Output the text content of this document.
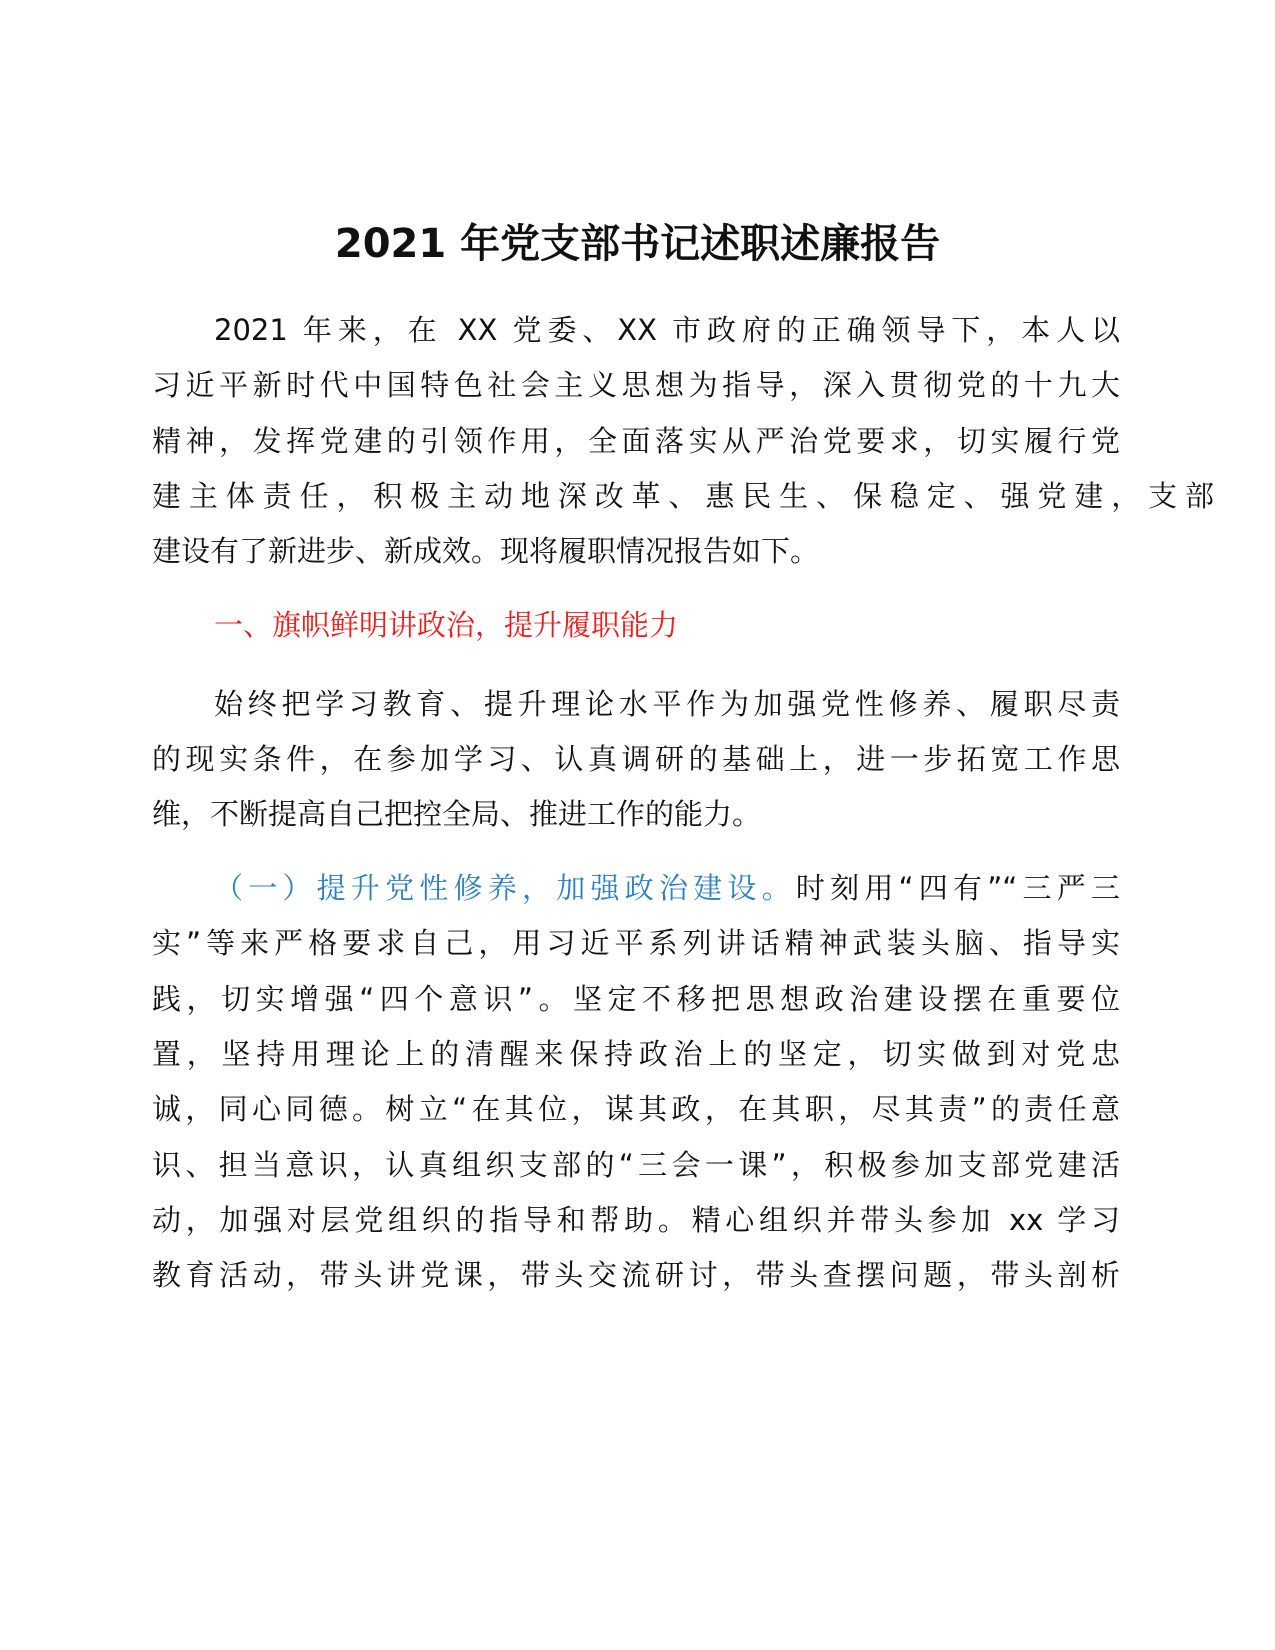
2021 年党支部书记述职述廉报告

2021 年来，在 XX 党委、XX 市政府的正确领导下，本人以

习近平新时代中国特色社会主义思想为指导，深入贯彻党的十九大

精神，发挥党建的引领作用，全面落实从严治党要求，切实履行党

建主体责任，积极主动地深改革、惠民生、保稳定、强党建，支部

建设有了新进步、新成效。现将履职情况报告如下。

一、旗帜鲜明讲政治，提升履职能力

始终把学习教育、提升理论水平作为加强党性修养、履职尽责

的现实条件，在参加学习、认真调研的基础上，进一步拓宽工作思

维，不断提高自己把控全局、推进工作的能力。

（一）提升党性修养，加强政治建设。时刻用“四有”“三严三

实”等来严格要求自己，用习近平系列讲话精神武装头脑、指导实

践，切实增强“四个意识”。坚定不移把思想政治建设摆在重要位

置，坚持用理论上的清醒来保持政治上的坚定，切实做到对党忠

诚，同心同德。树立“在其位，谋其政，在其职，尽其责”的责任意

识、担当意识，认真组织支部的“三会一课”，积极参加支部党建活

动，加强对层党组织的指导和帮助。精心组织并带头参加 xx 学习

教育活动，带头讲党课，带头交流研讨，带头查摆问题，带头剖析
